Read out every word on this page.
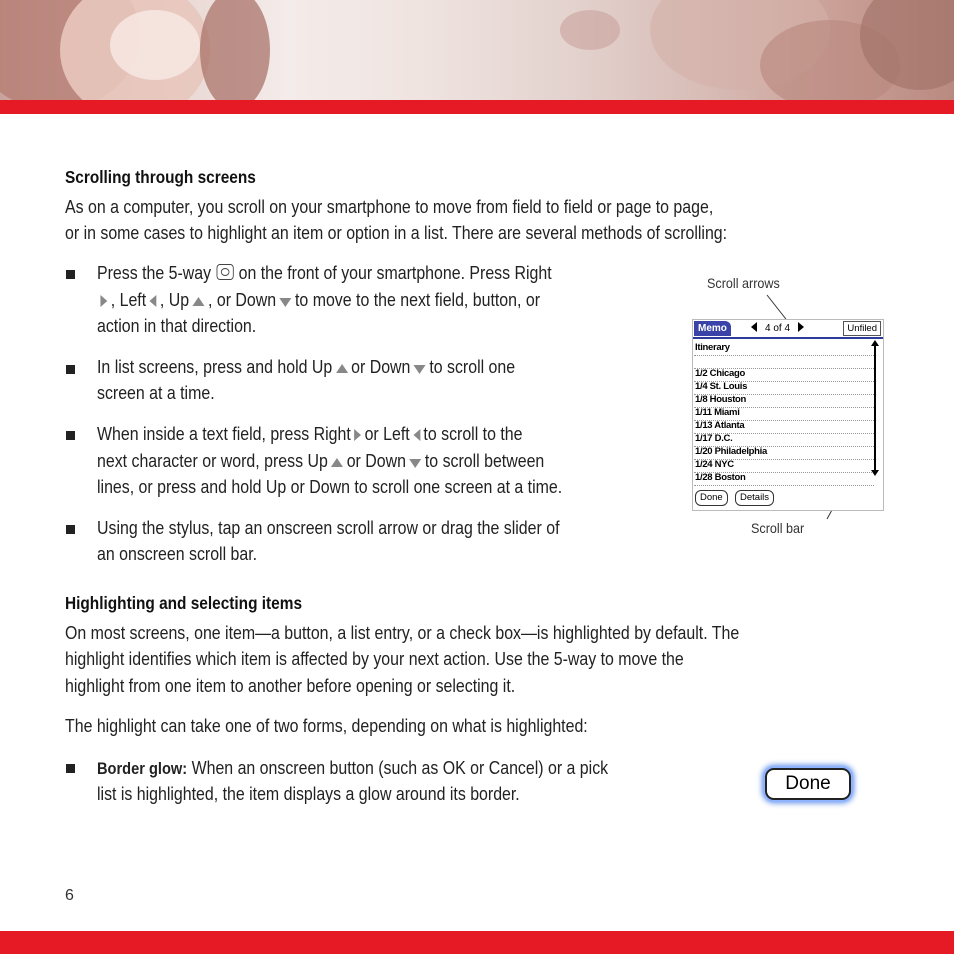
Scrolling through screens
As on a computer, you scroll on your smartphone to move from field to field or page to page,
or in some cases to highlight an item or option in a list. There are several methods of scrolling:
Press the 5-way on the front of your smartphone. Press Right
, Left , Up , or Down to move to the next field, button, or
action in that direction.
In list screens, press and hold Up or Down to scroll one
screen at a time.
When inside a text field, press Right or Left to scroll to the
next character or word, press Up or Down to scroll between
lines, or press and hold Up or Down to scroll one screen at a time.
Using the stylus, tap an onscreen scroll arrow or drag the slider of
an onscreen scroll bar.
Scroll arrows
Scroll bar
Memo	4 of 4	Unfiled
Itinerary
1/2 Chicago
1/4 St. Louis
1/8 Houston
1/11 Miami
1/13 Atlanta
1/17 D.C.
1/20 Philadelphia
1/24 NYC
1/28 Boston
Done	Details
Highlighting and selecting items
On most screens, one item—a button, a list entry, or a check box—is highlighted by default. The
highlight identifies which item is affected by your next action. Use the 5-way to move the
highlight from one item to another before opening or selecting it.
The highlight can take one of two forms, depending on what is highlighted:
Border glow: When an onscreen button (such as OK or Cancel) or a pick
list is highlighted, the item displays a glow around its border.	Done
6
